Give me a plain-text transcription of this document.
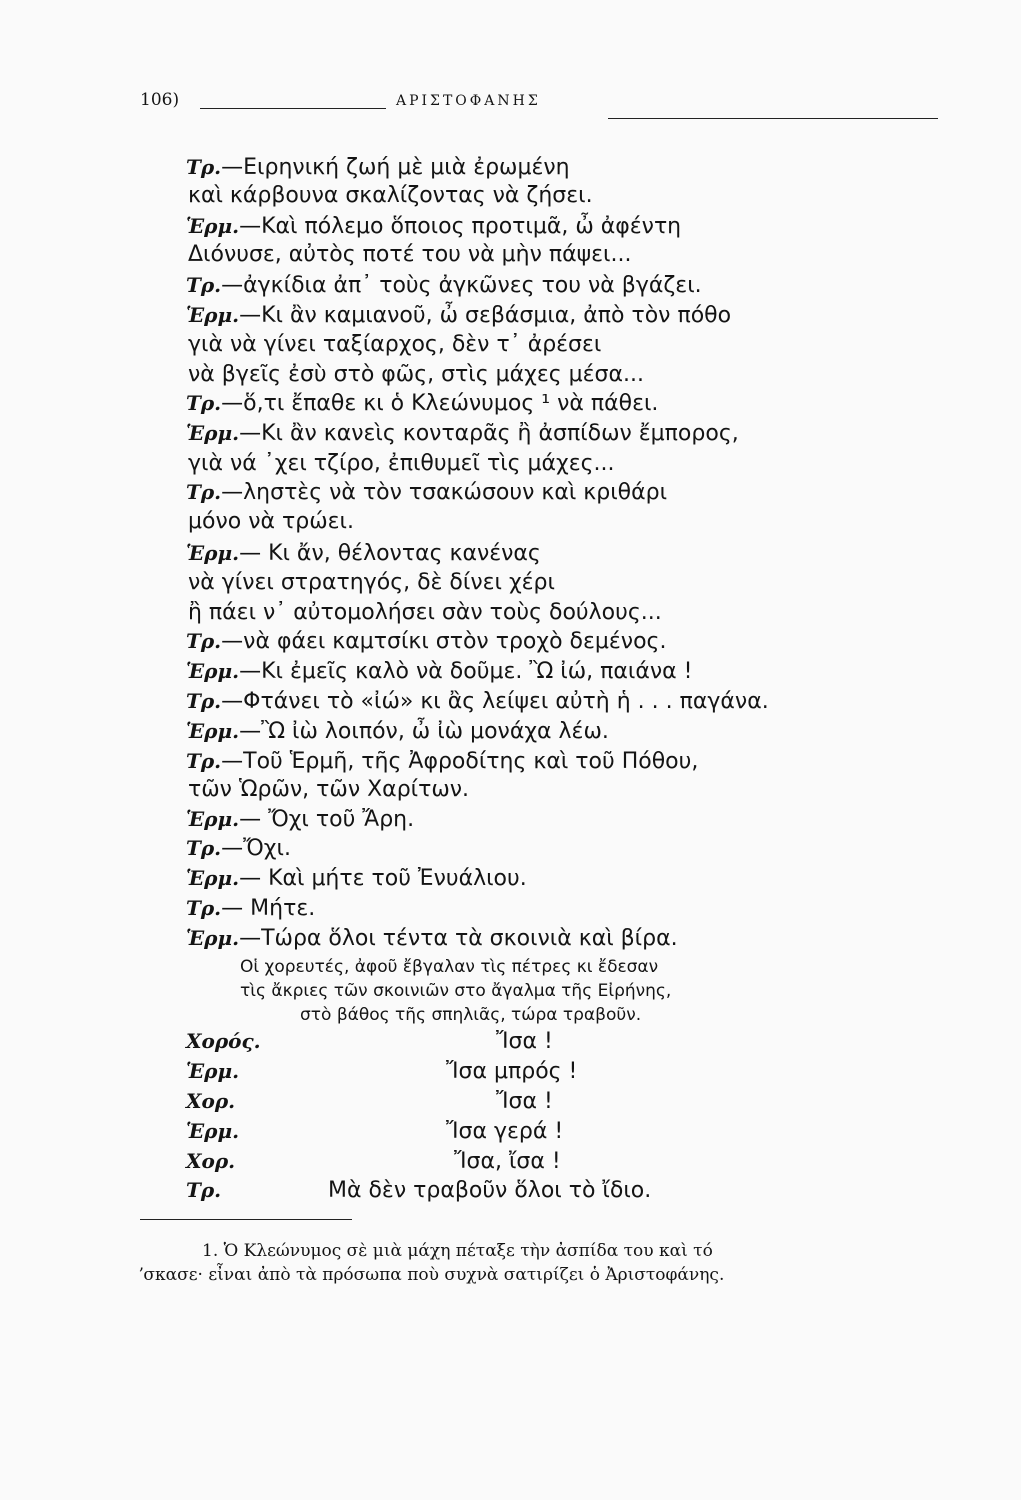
106)	ΑΡΙΣΤΟΦΑΝΗΣ
Τρ.—Ειρηνική ζωή μὲ μιὰ ἐρωμένη
καὶ κάρβουνα σκαλίζοντας νὰ ζήσει.
Ἑρμ.—Καὶ πόλεμο ὅποιος προτιμᾶ, ὦ ἀφέντη
Διόνυσε, αὐτὸς ποτέ του νὰ μὴν πάψει...
Τρ.—ἀγκίδια ἀπ᾽ τοὺς ἀγκῶνες του νὰ βγάζει.
Ἑρμ.—Κι ἂν καμιανοῦ, ὦ σεβάσμια, ἀπὸ τὸν πόθο
γιὰ νὰ γίνει ταξίαρχος, δὲν τ᾽ ἀρέσει
νὰ βγεῖς ἐσὺ στὸ φῶς, στὶς μάχες μέσα...
Τρ.—ὅ,τι ἔπαθε κι ὁ Κλεώνυμος ¹ νὰ πάθει.
Ἑρμ.—Κι ἂν κανεὶς κονταρᾶς ἢ ἀσπίδων ἔμπορος,
γιὰ νά ᾽χει τζίρο, ἐπιθυμεῖ τὶς μάχες...
Τρ.—ληστὲς νὰ τὸν τσακώσουν καὶ κριθάρι
μόνο νὰ τρώει.
Ἑρμ.— Κι ἄν, θέλοντας κανένας
νὰ γίνει στρατηγός, δὲ δίνει χέρι
ἢ πάει ν᾽ αὐτομολήσει σὰν τοὺς δούλους...
Τρ.—νὰ φάει καμτσίκι στὸν τροχὸ δεμένος.
Ἑρμ.—Κι ἐμεῖς καλὸ νὰ δοῦμε. Ὢ ἰώ, παιάνα !
Τρ.—Φτάνει τὸ «ἰώ» κι ἂς λείψει αὐτὴ ἡ . . . παγάνα.
Ἑρμ.—Ὢ ἰὼ λοιπόν, ὦ ἰὼ μονάχα λέω.
Τρ.—Τοῦ Ἑρμῆ, τῆς Ἀφροδίτης καὶ τοῦ Πόθου,
τῶν Ὡρῶν, τῶν Χαρίτων.
Ἑρμ.— Ὄχι τοῦ Ἄρη.
Τρ.—Ὄχι.
Ἑρμ.— Καὶ μήτε τοῦ Ἐνυάλιου.
Τρ.— Μήτε.
Ἑρμ.—Τώρα ὅλοι τέντα τὰ σκοινιὰ καὶ βίρα.
Οἱ χορευτές, ἀφοῦ ἔβγαλαν τὶς πέτρες κι ἔδεσαν
τὶς ἄκριες τῶν σκοινιῶν στο ἄγαλμα τῆς Εἰρήνης,
στὸ βάθος τῆς σπηλιᾶς, τώρα τραβοῦν.
Χορός.	Ἴσα !
Ἑρμ.	Ἴσα μπρός !
Χορ.	Ἴσα !
Ἑρμ.	Ἴσα γερά !
Χορ.	Ἴσα, ἴσα !
Τρ.	Μὰ δὲν τραβοῦν ὅλοι τὸ ἴδιο.
1. Ὁ Κλεώνυμος σὲ μιὰ μάχη πέταξε τὴν ἀσπίδα του καὶ τό
ʼσκασε· εἶναι ἀπὸ τὰ πρόσωπα ποὺ συχνὰ σατιρίζει ὁ Ἀριστοφάνης.
